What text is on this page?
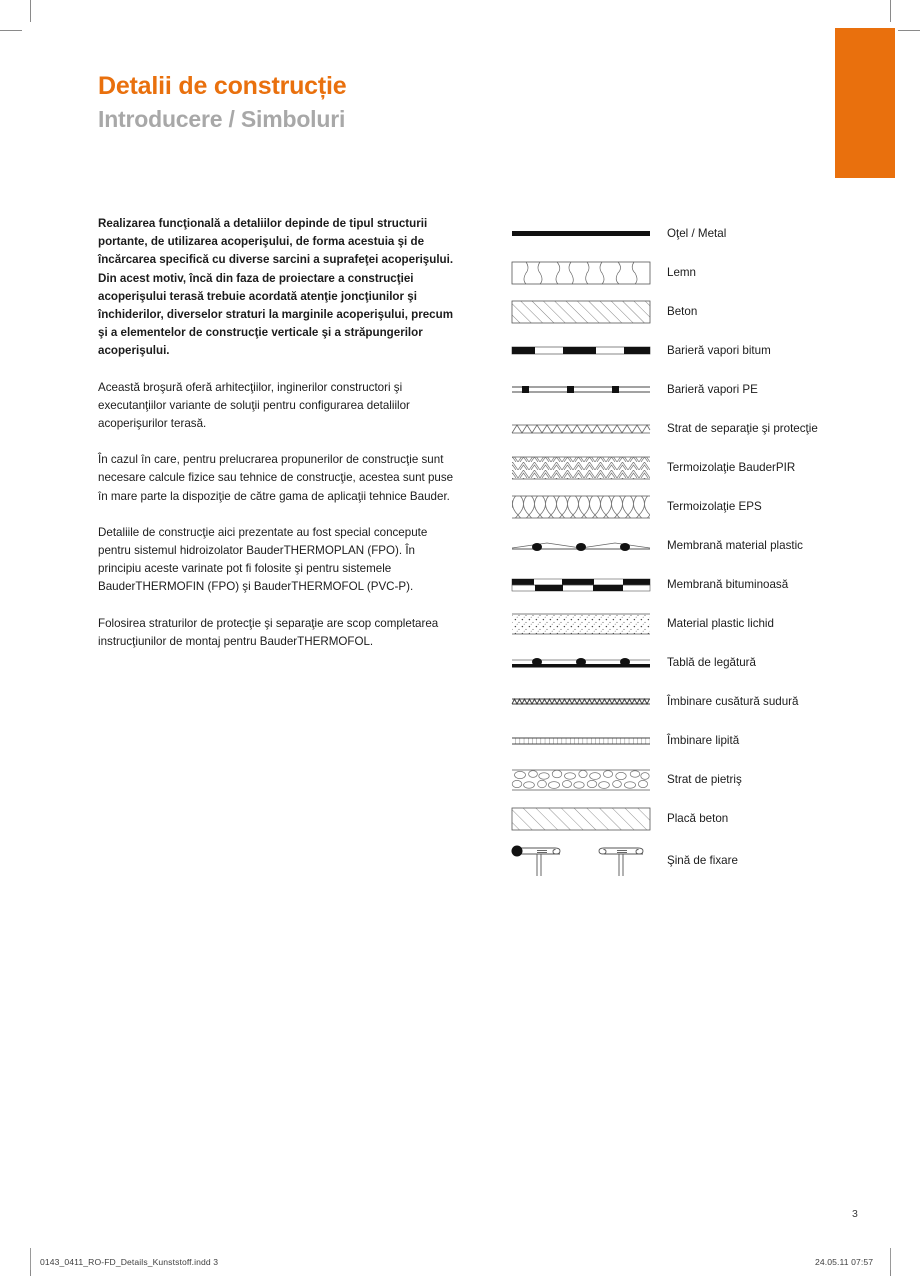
Detalii de construcție
Introducere / Simboluri

Realizarea funcţională a detaliilor depinde de tipul structurii portante, de utilizarea acoperişului, de forma acestuia şi de încărcarea specifică cu diverse sarcini a suprafeţei acoperişului. Din acest motiv, încă din faza de proiectare a construcţiei acoperişului terasă trebuie acordată atenţie joncţiunilor şi închiderilor, diverselor straturi la marginile acoperişului, precum şi a elementelor de construcţie verticale şi a străpungerilor acoperişului.

Această broşură oferă arhitecţiilor, inginerilor constructori şi executanţiilor variante de soluţii pentru configurarea detaliilor acoperişurilor terasă.

În cazul în care, pentru prelucrarea propunerilor de construcţie sunt necesare calcule fizice sau tehnice de construcţie, acestea sunt puse în mare parte la dispoziţie de către gama de aplicaţii tehnice Bauder.

Detaliile de construcţie aici prezentate au fost special concepute pentru sistemul hidroizolator BauderTHERMOPLAN (FPO). În principiu aceste varinate pot fi folosite şi pentru sistemele BauderTHERMOFIN (FPO) şi BauderTHERMOFOL (PVC-P).

Folosirea straturilor de protecţie şi separaţie are scop completarea instrucţiunilor de montaj pentru BauderTHERMOFOL.

Oţel / Metal
Lemn
Beton
Barieră vapori bitum
Barieră vapori PE
Strat de separaţie şi protecţie
Termoizolaţie BauderPIR
Termoizolaţie EPS
Membrană material plastic
Membrană bituminoasă
Material plastic lichid
Tablă de legătură
Îmbinare cusătură sudură
Îmbinare lipită
Strat de pietriş
Placă beton
Şină de fixare
3
0143_0411_RO-FD_Details_Kunststoff.indd 3	24.05.11 07:57
